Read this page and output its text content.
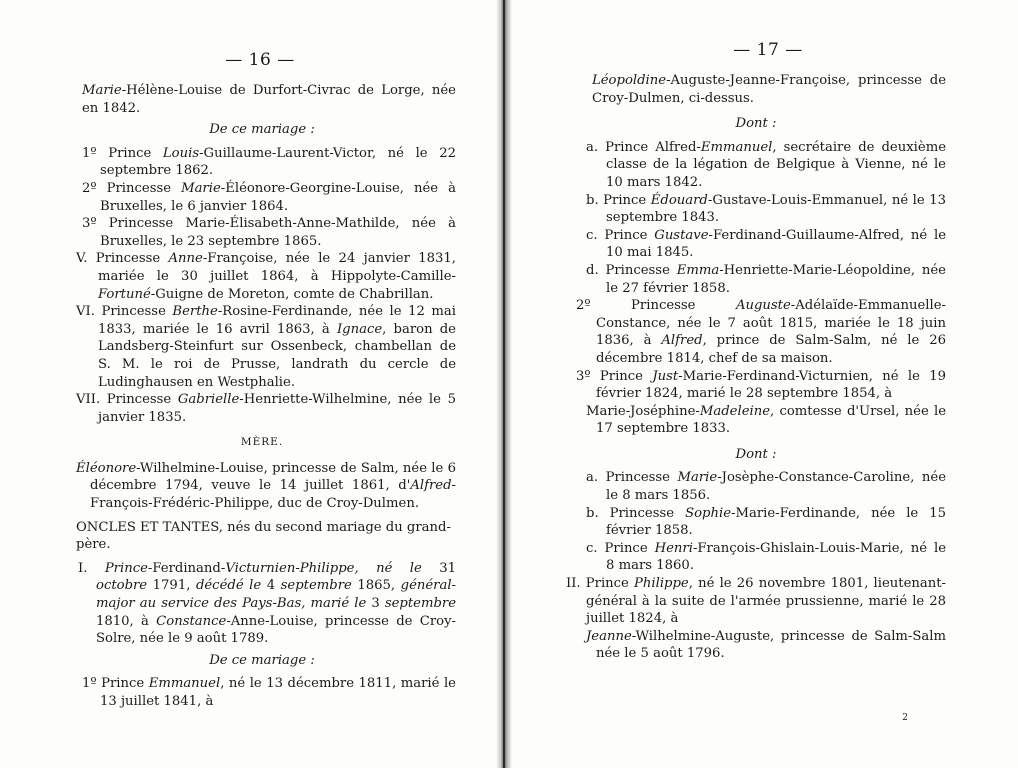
— 16 —

Marie-Hélène-Louise de Durfort-Civrac de Lorge, née en 1842.

De ce mariage :

1º Prince Louis-Guillaume-Laurent-Victor, né le 22 septembre 1862.

2º Princesse Marie-Éléonore-Georgine-Louise, née à Bruxelles, le 6 janvier 1864.

3º Princesse Marie-Élisabeth-Anne-Mathilde, née à Bruxelles, le 23 septembre 1865.

V. Princesse Anne-Françoise, née le 24 janvier 1831, mariée le 30 juillet 1864, à Hippolyte-Camille-Fortuné-Guigne de Moreton, comte de Chabrillan.

VI. Princesse Berthe-Rosine-Ferdinande, née le 12 mai 1833, mariée le 16 avril 1863, à Ignace, baron de Landsberg-Steinfurt sur Ossenbeck, chambellan de S. M. le roi de Prusse, landrath du cercle de Ludinghausen en Westphalie.

VII. Princesse Gabrielle-Henriette-Wilhelmine, née le 5 janvier 1835.

MÈRE.

Éléonore-Wilhelmine-Louise, princesse de Salm, née le 6 décembre 1794, veuve le 14 juillet 1861, d'Alfred-François-Frédéric-Philippe, duc de Croy-Dulmen.

ONCLES ET TANTES, nés du second mariage du grand-père.

I. Prince-Ferdinand-Victurnien-Philippe, né le 31 octobre 1791, décédé le 4 septembre 1865, général-major au service des Pays-Bas, marié le 3 septembre 1810, à Constance-Anne-Louise, princesse de Croy-Solre, née le 9 août 1789.

De ce mariage :

1º Prince Emmanuel, né le 13 décembre 1811, marié le 13 juillet 1841, à

— 17 —

Léopoldine-Auguste-Jeanne-Françoise, princesse de Croy-Dulmen, ci-dessus.

Dont :

a. Prince Alfred-Emmanuel, secrétaire de deuxième classe de la légation de Belgique à Vienne, né le 10 mars 1842.

b. Prince Édouard-Gustave-Louis-Emmanuel, né le 13 septembre 1843.

c. Prince Gustave-Ferdinand-Guillaume-Alfred, né le 10 mai 1845.

d. Princesse Emma-Henriette-Marie-Léopoldine, née le 27 février 1858.

2º Princesse Auguste-Adélaïde-Emmanuelle-Constance, née le 7 août 1815, mariée le 18 juin 1836, à Alfred, prince de Salm-Salm, né le 26 décembre 1814, chef de sa maison.

3º Prince Just-Marie-Ferdinand-Victurnien, né le 19 février 1824, marié le 28 septembre 1854, à

Marie-Joséphine-Madeleine, comtesse d'Ursel, née le 17 septembre 1833.

Dont :

a. Princesse Marie-Josèphe-Constance-Caroline, née le 8 mars 1856.

b. Princesse Sophie-Marie-Ferdinande, née le 15 février 1858.

c. Prince Henri-François-Ghislain-Louis-Marie, né le 8 mars 1860.

II. Prince Philippe, né le 26 novembre 1801, lieutenant-général à la suite de l'armée prussienne, marié le 28 juillet 1824, à

Jeanne-Wilhelmine-Auguste, princesse de Salm-Salm née le 5 août 1796.

2
